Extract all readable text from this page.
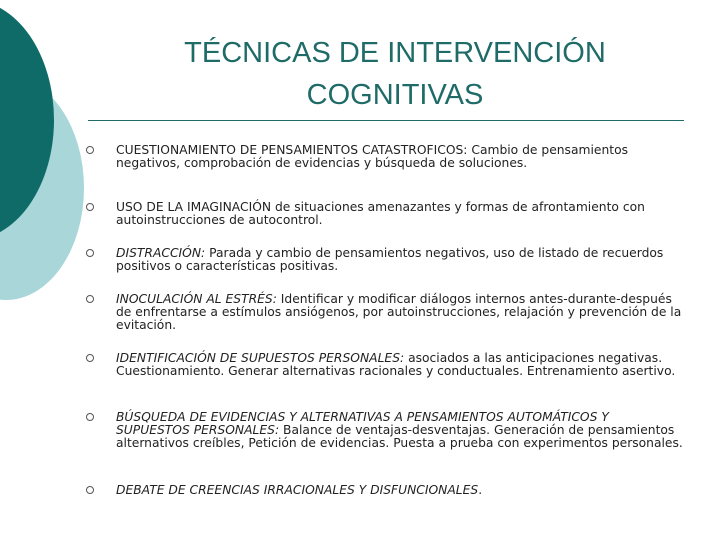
TÉCNICAS DE INTERVENCIÓN
COGNITIVAS
CUESTIONAMIENTO DE PENSAMIENTOS CATASTROFICOS: Cambio de pensamientos negativos, comprobación de evidencias y búsqueda de soluciones.
USO DE LA IMAGINACIÓN de situaciones amenazantes y formas de afrontamiento con autoinstrucciones de autocontrol.
DISTRACCIÓN: Parada y cambio de pensamientos negativos, uso de listado de recuerdos positivos o características positivas.
INOCULACIÓN AL ESTRÉS: Identificar y modificar diálogos internos antes-durante-después de enfrentarse a estímulos ansiógenos, por autoinstrucciones, relajación y prevención de la evitación.
IDENTIFICACIÓN DE SUPUESTOS PERSONALES: asociados a las anticipaciones negativas. Cuestionamiento. Generar alternativas racionales y conductuales. Entrenamiento asertivo.
BÚSQUEDA DE EVIDENCIAS Y ALTERNATIVAS A PENSAMIENTOS AUTOMÁTICOS Y SUPUESTOS PERSONALES: Balance de ventajas-desventajas. Generación de pensamientos alternativos creíbles, Petición de evidencias. Puesta a prueba con experimentos personales.
DEBATE DE CREENCIAS IRRACIONALES Y DISFUNCIONALES.
